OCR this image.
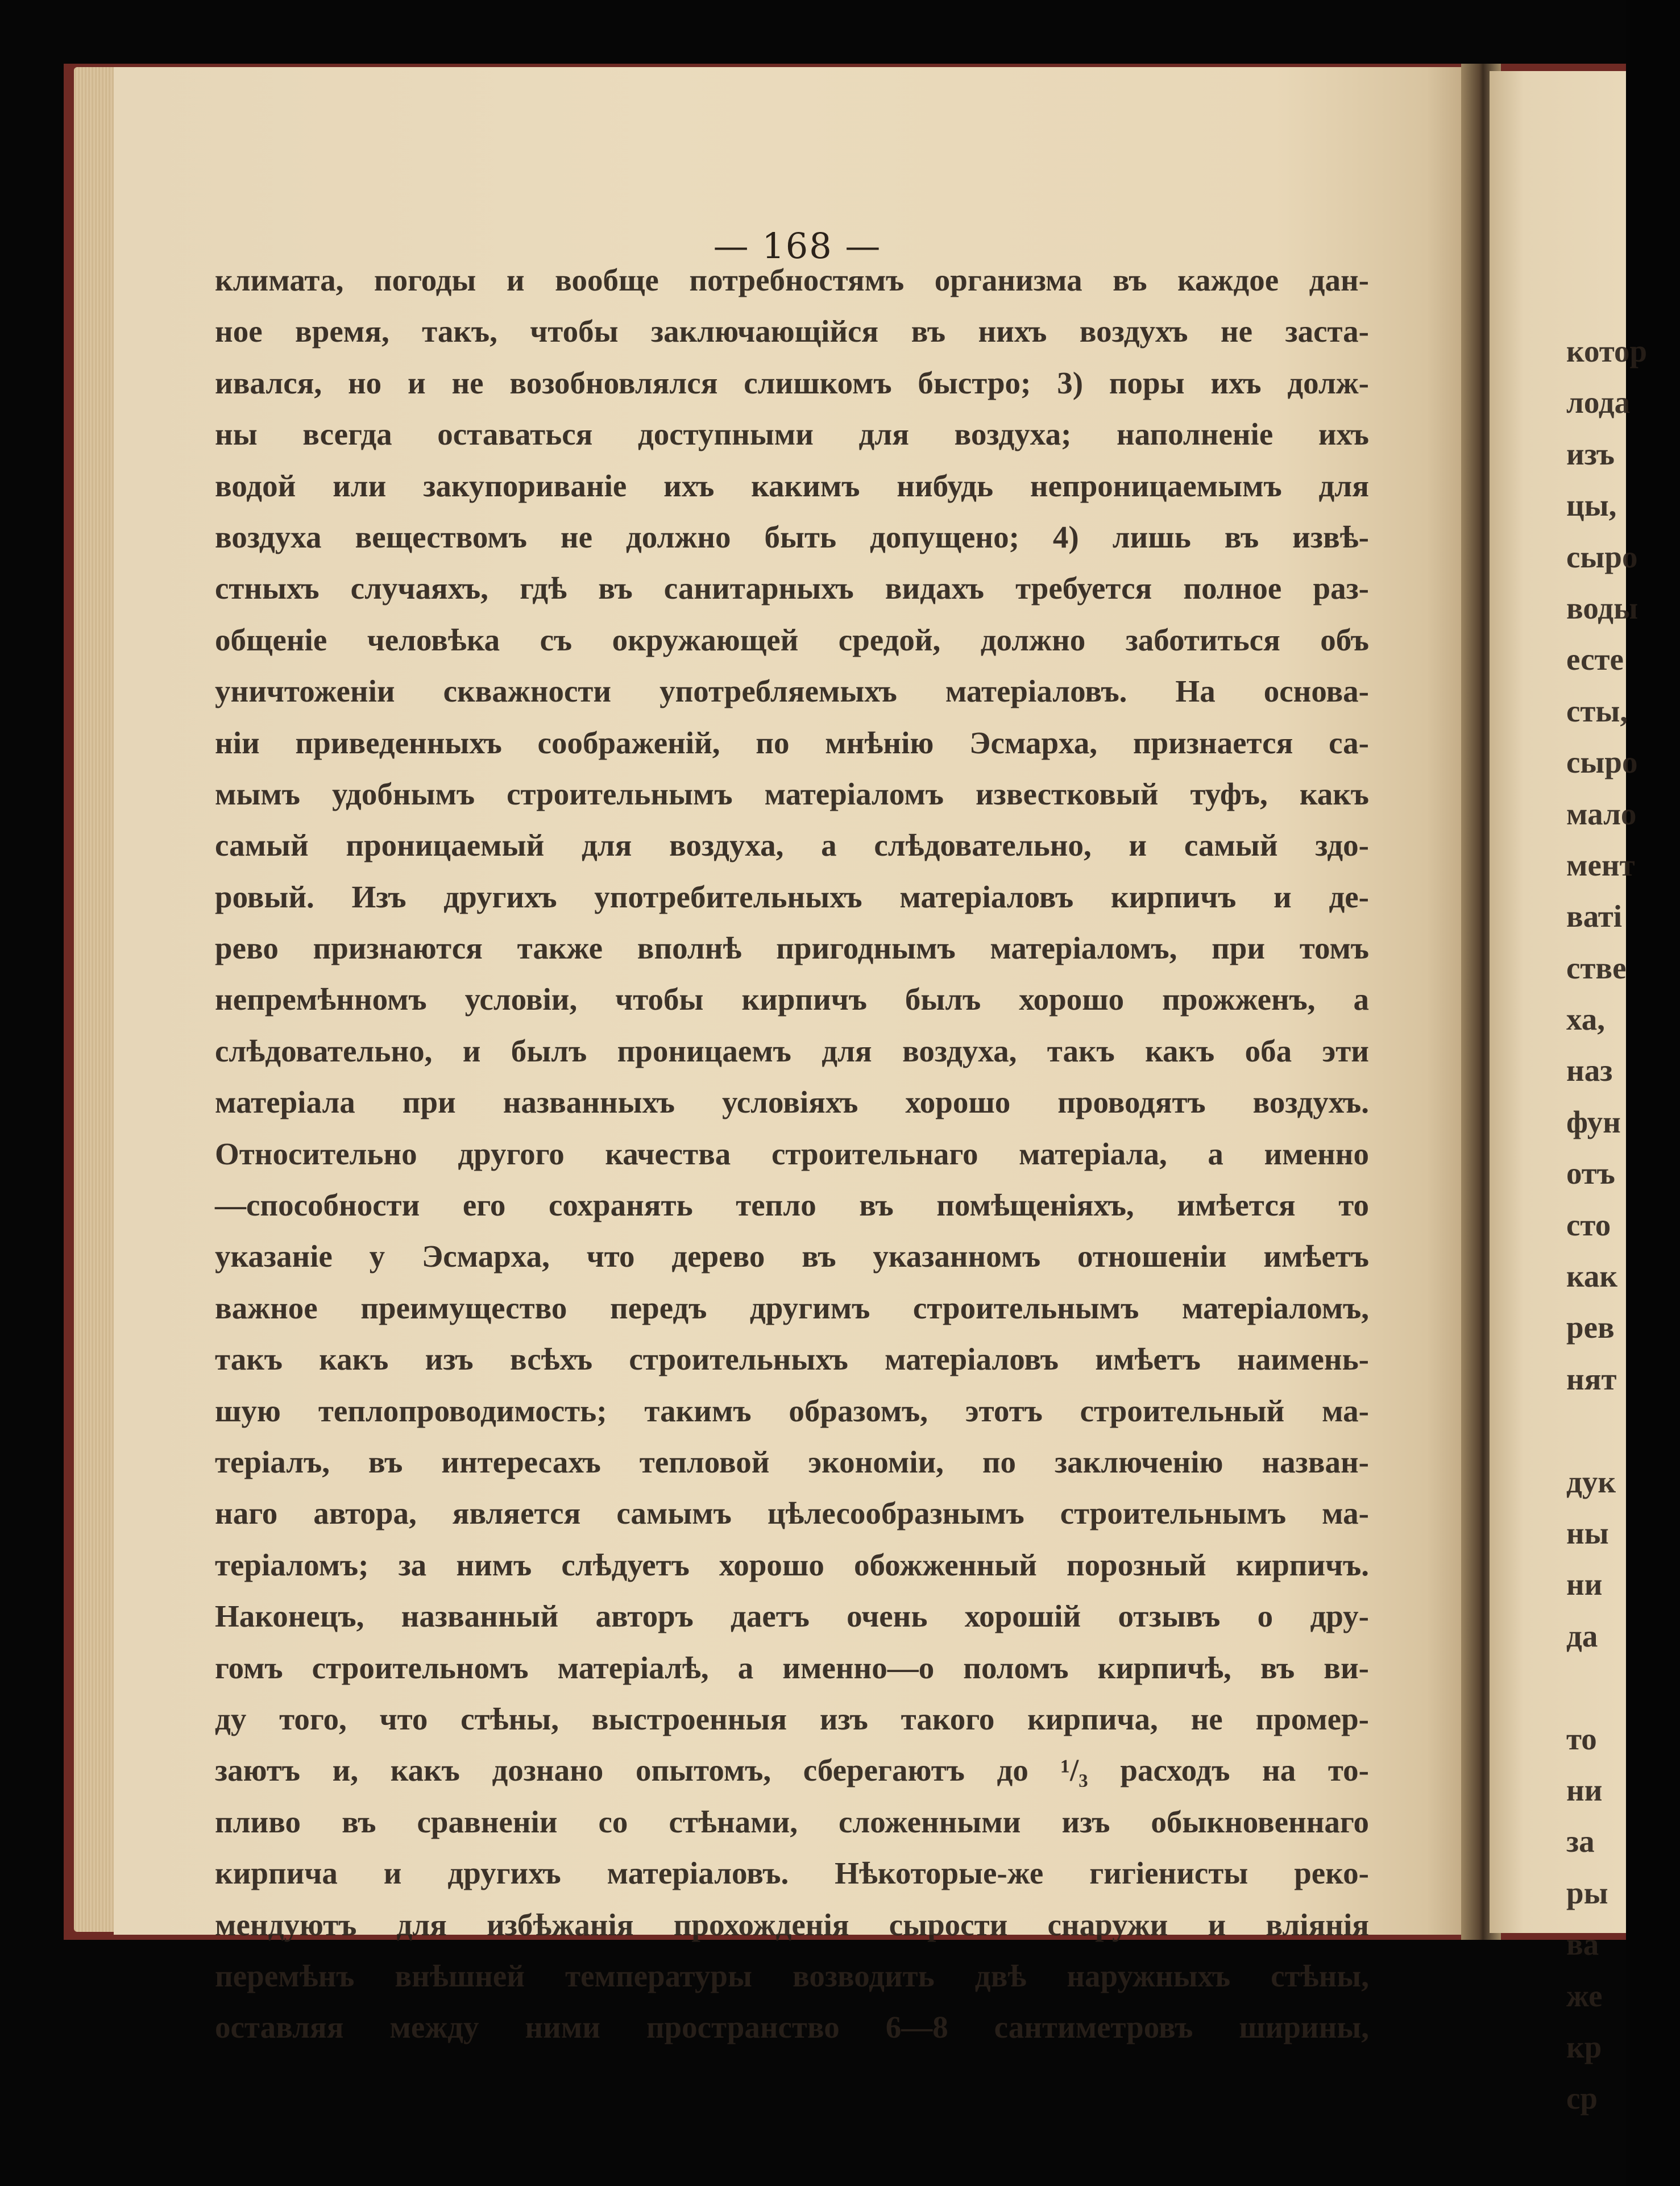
— 168 —
климата, погоды и вообще потребностямъ организма въ каждое дан-
ное время, такъ, чтобы заключающійся въ нихъ воздухъ не заста-
ивался, но и не возобновлялся слишкомъ быстро; 3) поры ихъ долж-
ны всегда оставаться доступными для воздуха; наполненіе ихъ
водой или закупориваніе ихъ какимъ нибудь непроницаемымъ для
воздуха веществомъ не должно быть допущено; 4) лишь въ извѣ-
стныхъ случаяхъ, гдѣ въ санитарныхъ видахъ требуется полное раз-
общеніе человѣка съ окружающей средой, должно заботиться объ
уничтоженіи скважности употребляемыхъ матеріаловъ. На основа-
ніи приведенныхъ соображеній, по мнѣнію Эсмарха, признается са-
мымъ удобнымъ строительнымъ матеріаломъ известковый туфъ, какъ
самый проницаемый для воздуха, а слѣдовательно, и самый здо-
ровый. Изъ другихъ употребительныхъ матеріаловъ кирпичъ и де-
рево признаются также вполнѣ пригоднымъ матеріаломъ, при томъ
непремѣнномъ условіи, чтобы кирпичъ былъ хорошо прожженъ, а
слѣдовательно, и былъ проницаемъ для воздуха, такъ какъ оба эти
матеріала при названныхъ условіяхъ хорошо проводятъ воздухъ.
Относительно другого качества строительнаго матеріала, а именно
—способности его сохранять тепло въ помѣщеніяхъ, имѣется то
указаніе у Эсмарха, что дерево въ указанномъ отношеніи имѣетъ
важное преимущество передъ другимъ строительнымъ матеріаломъ,
такъ какъ изъ всѣхъ строительныхъ матеріаловъ имѣетъ наимень-
шую теплопроводимость; такимъ образомъ, этотъ строительный ма-
теріалъ, въ интересахъ тепловой экономіи, по заключенію назван-
наго автора, является самымъ цѣлесообразнымъ строительнымъ ма-
теріаломъ; за нимъ слѣдуетъ хорошо обожженный порозный кирпичъ.
Наконецъ, названный авторъ даетъ очень хорошій отзывъ о дру-
гомъ строительномъ матеріалѣ, а именно—о поломъ кирпичѣ, въ ви-
ду того, что стѣны, выстроенныя изъ такого кирпича, не промер-
заютъ и, какъ дознано опытомъ, сберегаютъ до ¹/₃ расходъ на то-
пливо въ сравненіи со стѣнами, сложенными изъ обыкновеннаго
кирпича и другихъ матеріаловъ. Нѣкоторые-же гигіенисты реко-
мендуютъ для избѣжанія прохожденія сырости снаружи и вліянія
перемѣнъ внѣшней температуры возводить двѣ наружныхъ стѣны,
оставляя между ними пространство 6—8 сантиметровъ ширины,
котор
лода
изъ
цы,
сыро
воды
есте
сты,
сыро
мало
мент
ваті
стве
ха,
наз
фун
отъ
сто
как
рев
нят
дук
ны
ни
да
то
ни
за
ры
ва
же
кр
ср
